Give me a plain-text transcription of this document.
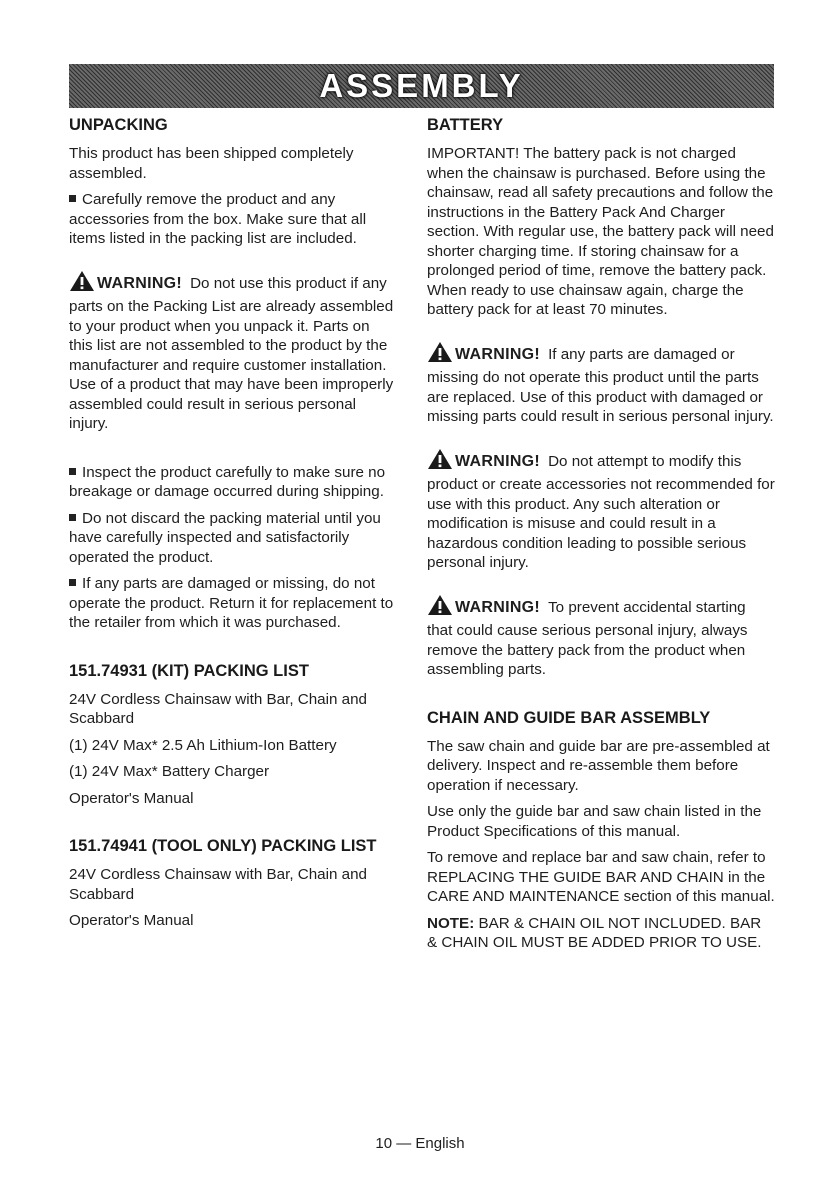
ASSEMBLY
UNPACKING

This product has been shipped completely assembled.

Carefully remove the product and any accessories from the box. Make sure that all items listed in the packing list are included.

WARNING! Do not use this product if any parts on the Packing List are already assembled to your product when you unpack it. Parts on this list are not assembled to the product by the manufacturer and require customer installation. Use of a product that may have been improperly assembled could result in serious personal injury.

Inspect the product carefully to make sure no breakage or damage occurred during shipping.

Do not discard the packing material until you have carefully inspected and satisfactorily operated the product.

If any parts are damaged or missing, do not operate the product. Return it for replacement to the retailer from which it was purchased.

151.74931 (KIT) PACKING LIST

24V Cordless Chainsaw with Bar, Chain and Scabbard

(1) 24V Max* 2.5 Ah Lithium-Ion Battery

(1) 24V Max* Battery Charger

Operator's Manual

151.74941 (TOOL ONLY) PACKING LIST

24V Cordless Chainsaw with Bar, Chain and Scabbard

Operator's Manual

BATTERY

IMPORTANT! The battery pack is not charged when the chainsaw is purchased. Before using the chainsaw, read all safety precautions and follow the instructions in the Battery Pack And Charger section. With regular use, the battery pack will need shorter charging time. If storing chainsaw for a prolonged period of time, remove the battery pack. When ready to use chainsaw again, charge the battery pack for at least 70 minutes.

WARNING! If any parts are damaged or missing do not operate this product until the parts are replaced. Use of this product with damaged or missing parts could result in serious personal injury.

WARNING! Do not attempt to modify this product or create accessories not recommended for use with this product. Any such alteration or modification is misuse and could result in a hazardous condition leading to possible serious personal injury.

WARNING! To prevent accidental starting that could cause serious personal injury, always remove the battery pack from the product when assembling parts.

CHAIN AND GUIDE BAR ASSEMBLY

The saw chain and guide bar are pre-assembled at delivery. Inspect and re-assemble them before operation if necessary.

Use only the guide bar and saw chain listed in the Product Specifications of this manual.

To remove and replace bar and saw chain, refer to REPLACING THE GUIDE BAR AND CHAIN in the CARE AND MAINTENANCE section of this manual.

NOTE: BAR & CHAIN OIL NOT INCLUDED. BAR & CHAIN OIL MUST BE ADDED PRIOR TO USE.

10 — English
